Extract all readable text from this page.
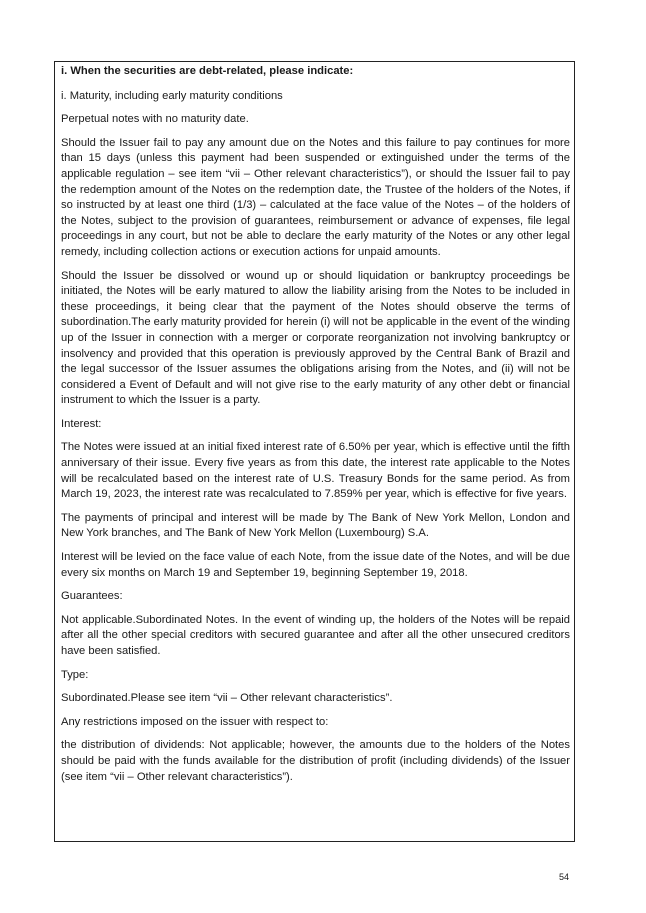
i. When the securities are debt-related, please indicate:

i. Maturity, including early maturity conditions

Perpetual notes with no maturity date.

Should the Issuer fail to pay any amount due on the Notes and this failure to pay continues for more than 15 days (unless this payment had been suspended or extinguished under the terms of the applicable regulation – see item “vii – Other relevant characteristics”), or should the Issuer fail to pay the redemption amount of the Notes on the redemption date, the Trustee of the holders of the Notes, if so instructed by at least one third (1/3) – calculated at the face value of the Notes – of the holders of the Notes, subject to the provision of guarantees, reimbursement or advance of expenses, file legal proceedings in any court, but not be able to declare the early maturity of the Notes or any other legal remedy, including collection actions or execution actions for unpaid amounts.

Should the Issuer be dissolved or wound up or should liquidation or bankruptcy proceedings be initiated, the Notes will be early matured to allow the liability arising from the Notes to be included in these proceedings, it being clear that the payment of the Notes should observe the terms of subordination.The early maturity provided for herein (i) will not be applicable in the event of the winding up of the Issuer in connection with a merger or corporate reorganization not involving bankruptcy or insolvency and provided that this operation is previously approved by the Central Bank of Brazil and the legal successor of the Issuer assumes the obligations arising from the Notes, and (ii) will not be considered a Event of Default and will not give rise to the early maturity of any other debt or financial instrument to which the Issuer is a party.

Interest:

The Notes were issued at an initial fixed interest rate of 6.50% per year, which is effective until the fifth anniversary of their issue. Every five years as from this date, the interest rate applicable to the Notes will be recalculated based on the interest rate of U.S. Treasury Bonds for the same period. As from March 19, 2023, the interest rate was recalculated to 7.859% per year, which is effective for five years.

The payments of principal and interest will be made by The Bank of New York Mellon, London and New York branches, and The Bank of New York Mellon (Luxembourg) S.A.

Interest will be levied on the face value of each Note, from the issue date of the Notes, and will be due every six months on March 19 and September 19, beginning September 19, 2018.

Guarantees:

Not applicable.Subordinated Notes. In the event of winding up, the holders of the Notes will be repaid after all the other special creditors with secured guarantee and after all the other unsecured creditors have been satisfied.

Type:

Subordinated.Please see item “vii – Other relevant characteristics”.

Any restrictions imposed on the issuer with respect to:

the distribution of dividends: Not applicable; however, the amounts due to the holders of the Notes should be paid with the funds available for the distribution of profit (including dividends) of the Issuer (see item “vii – Other relevant characteristics”).

54
